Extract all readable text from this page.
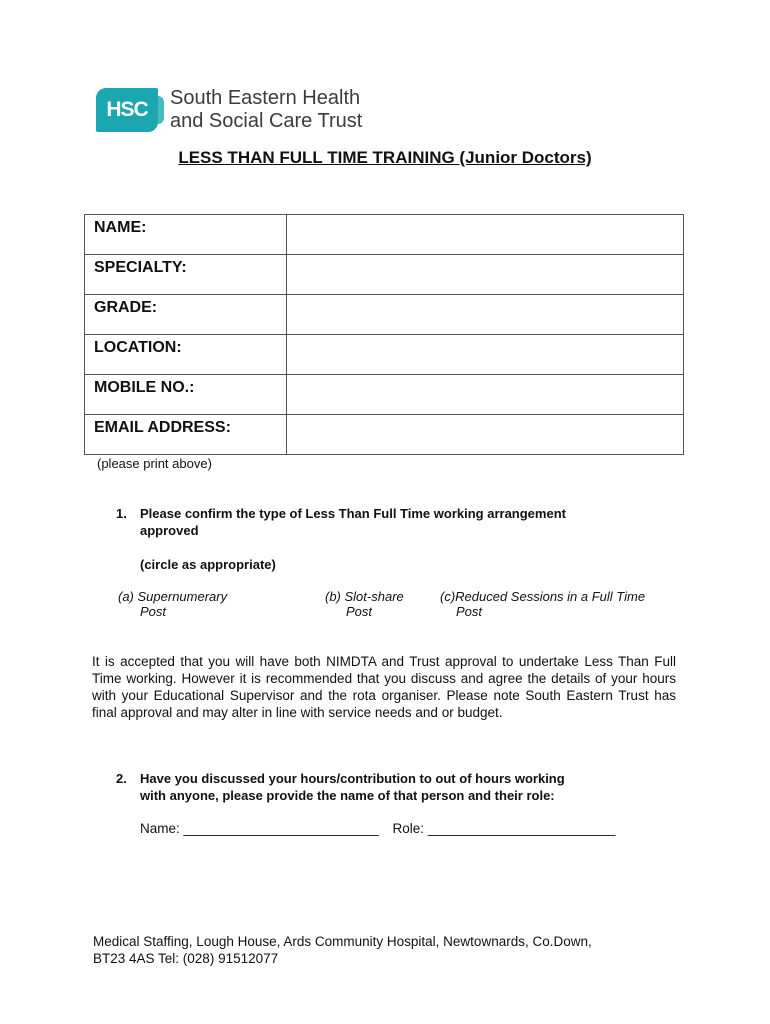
HSC	South Eastern Health
and Social Care Trust
LESS THAN FULL TIME TRAINING (Junior Doctors)
NAME:	
SPECIALTY:	
GRADE:	
LOCATION:	
MOBILE NO.:	
EMAIL ADDRESS:	
(please print above)
1. Please confirm the type of Less Than Full Time working arrangement
approved
(circle as appropriate)
(a) Supernumerary
Post
(b) Slot-share
Post
(c)Reduced Sessions in a Full Time
Post
It is accepted that you will have both NIMDTA and Trust approval to undertake Less Than Full Time working. However it is recommended that you discuss and agree the details of your hours with your Educational Supervisor and the rota organiser. Please note South Eastern Trust has final approval and may alter in line with service needs and or budget.
2. Have you discussed your hours/contribution to out of hours working
with anyone, please provide the name of that person and their role:
Name: __________________________ Role: _________________________
Medical Staffing, Lough House, Ards Community Hospital, Newtownards, Co.Down,
BT23 4AS Tel: (028) 91512077
